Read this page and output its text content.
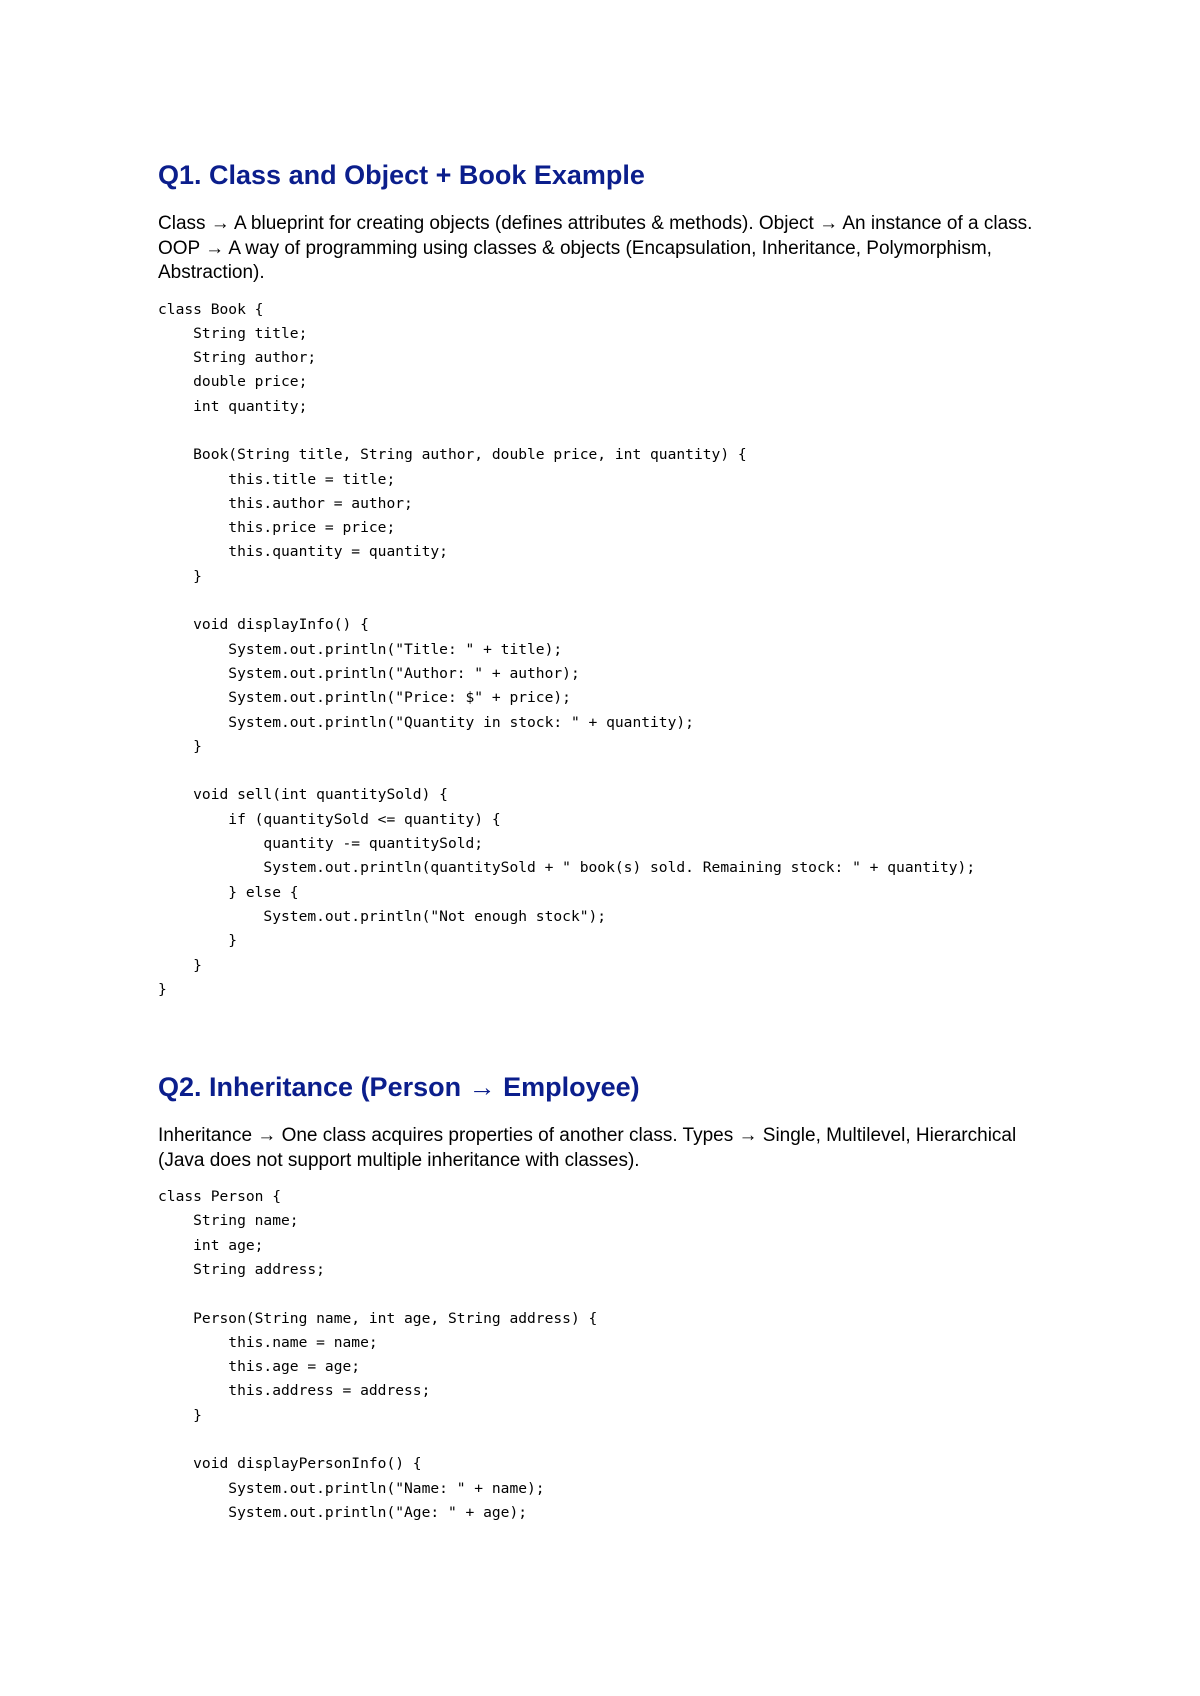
Q1. Class and Object + Book Example

Class → A blueprint for creating objects (defines attributes & methods). Object → An instance of a class. OOP → A way of programming using classes & objects (Encapsulation, Inheritance, Polymorphism, Abstraction).

class Book {
String title;
String author;
double price;
int quantity;

Book(String title, String author, double price, int quantity) {
this.title = title;
this.author = author;
this.price = price;
this.quantity = quantity;
}

void displayInfo() {
System.out.println("Title: " + title);
System.out.println("Author: " + author);
System.out.println("Price: $" + price);
System.out.println("Quantity in stock: " + quantity);
}

void sell(int quantitySold) {
if (quantitySold <= quantity) {
quantity -= quantitySold;
System.out.println(quantitySold + " book(s) sold. Remaining stock: " + quantity);
} else {
System.out.println("Not enough stock");
}
}
}
Q2. Inheritance (Person → Employee)

Inheritance → One class acquires properties of another class. Types → Single, Multilevel, Hierarchical (Java does not support multiple inheritance with classes).

class Person {
String name;
int age;
String address;

Person(String name, int age, String address) {
this.name = name;
this.age = age;
this.address = address;
}

void displayPersonInfo() {
System.out.println("Name: " + name);
System.out.println("Age: " + age);
